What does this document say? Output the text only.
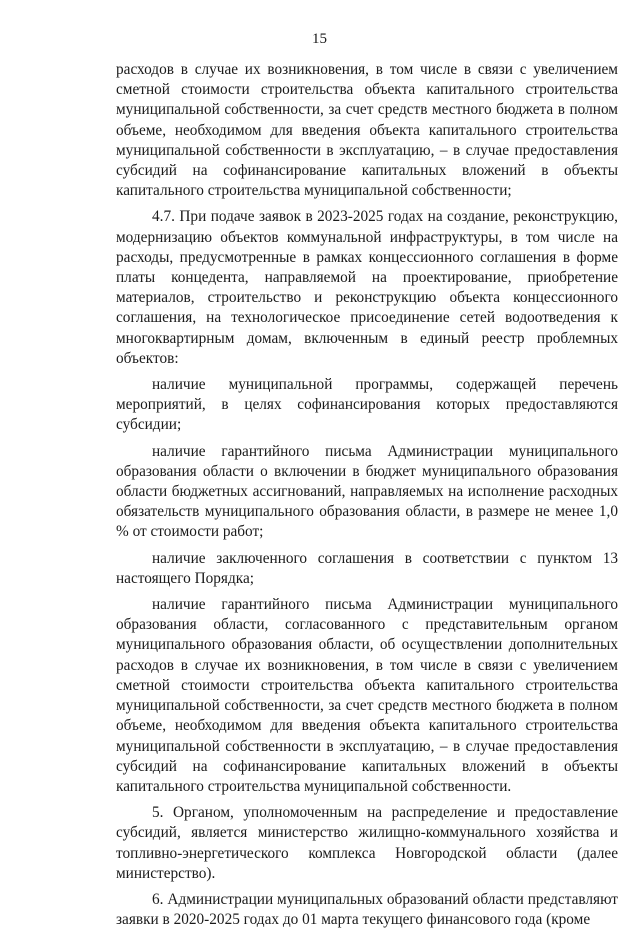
15

расходов в случае их возникновения, в том числе в связи с увеличением сметной стоимости строительства объекта капитального строительства муниципальной собственности, за счет средств местного бюджета в полном объеме, необходимом для введения объекта капитального строительства муниципальной собственности в эксплуатацию, – в случае предоставления субсидий на софинансирование капитальных вложений в объекты капитального строительства муниципальной собственности;

4.7. При подаче заявок в 2023-2025 годах на создание, реконструкцию, модернизацию объектов коммунальной инфраструктуры, в том числе на расходы, предусмотренные в рамках концессионного соглашения в форме платы концедента, направляемой на проектирование, приобретение материалов, строительство и реконструкцию объекта концессионного соглашения, на технологическое присоединение сетей водоотведения к многоквартирным домам, включенным в единый реестр проблемных объектов:

наличие муниципальной программы, содержащей перечень мероприятий, в целях софинансирования которых предоставляются субсидии;

наличие гарантийного письма Администрации муниципального образования области о включении в бюджет муниципального образования области бюджетных ассигнований, направляемых на исполнение расходных обязательств муниципального образования области, в размере не менее 1,0 % от стоимости работ;

наличие заключенного соглашения в соответствии с пунктом 13 настоящего Порядка;

наличие гарантийного письма Администрации муниципального образования области, согласованного с представительным органом муниципального образования области, об осуществлении дополнительных расходов в случае их возникновения, в том числе в связи с увеличением сметной стоимости строительства объекта капитального строительства муниципальной собственности, за счет средств местного бюджета в полном объеме, необходимом для введения объекта капитального строительства муниципальной собственности в эксплуатацию, – в случае предоставления субсидий на софинансирование капитальных вложений в объекты капитального строительства муниципальной собственности.

5. Органом, уполномоченным на распределение и предоставление субсидий, является министерство жилищно-коммунального хозяйства и топливно-энергетического комплекса Новгородской области (далее министерство).

6. Администрации муниципальных образований области представляют заявки в 2020-2025 годах до 01 марта текущего финансового года (кроме
